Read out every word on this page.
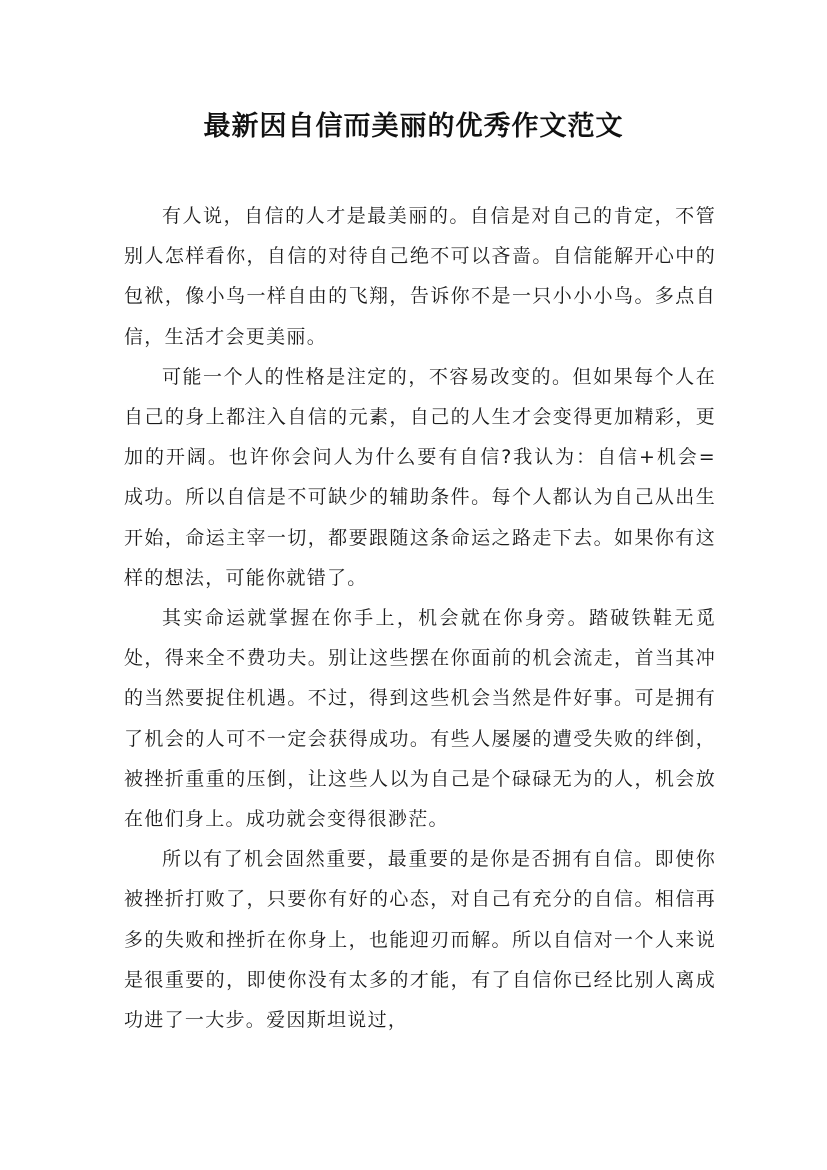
最新因自信而美丽的优秀作文范文

有人说，自信的人才是最美丽的。自信是对自己的肯定，不管别人怎样看你，自信的对待自己绝不可以吝啬。自信能解开心中的包袱，像小鸟一样自由的飞翔，告诉你不是一只小小小鸟。多点自信，生活才会更美丽。

可能一个人的性格是注定的，不容易改变的。但如果每个人在自己的身上都注入自信的元素，自己的人生才会变得更加精彩，更加的开阔。也许你会问人为什么要有自信?我认为：自信+机会=成功。所以自信是不可缺少的辅助条件。每个人都认为自己从出生开始，命运主宰一切，都要跟随这条命运之路走下去。如果你有这样的想法，可能你就错了。

其实命运就掌握在你手上，机会就在你身旁。踏破铁鞋无觅处，得来全不费功夫。别让这些摆在你面前的机会流走，首当其冲的当然要捉住机遇。不过，得到这些机会当然是件好事。可是拥有了机会的人可不一定会获得成功。有些人屡屡的遭受失败的绊倒，被挫折重重的压倒，让这些人以为自己是个碌碌无为的人，机会放在他们身上。成功就会变得很渺茫。

所以有了机会固然重要，最重要的是你是否拥有自信。即使你被挫折打败了，只要你有好的心态，对自己有充分的自信。相信再多的失败和挫折在你身上，也能迎刃而解。所以自信对一个人来说是很重要的，即使你没有太多的才能，有了自信你已经比别人离成功进了一大步。爱因斯坦说过，
